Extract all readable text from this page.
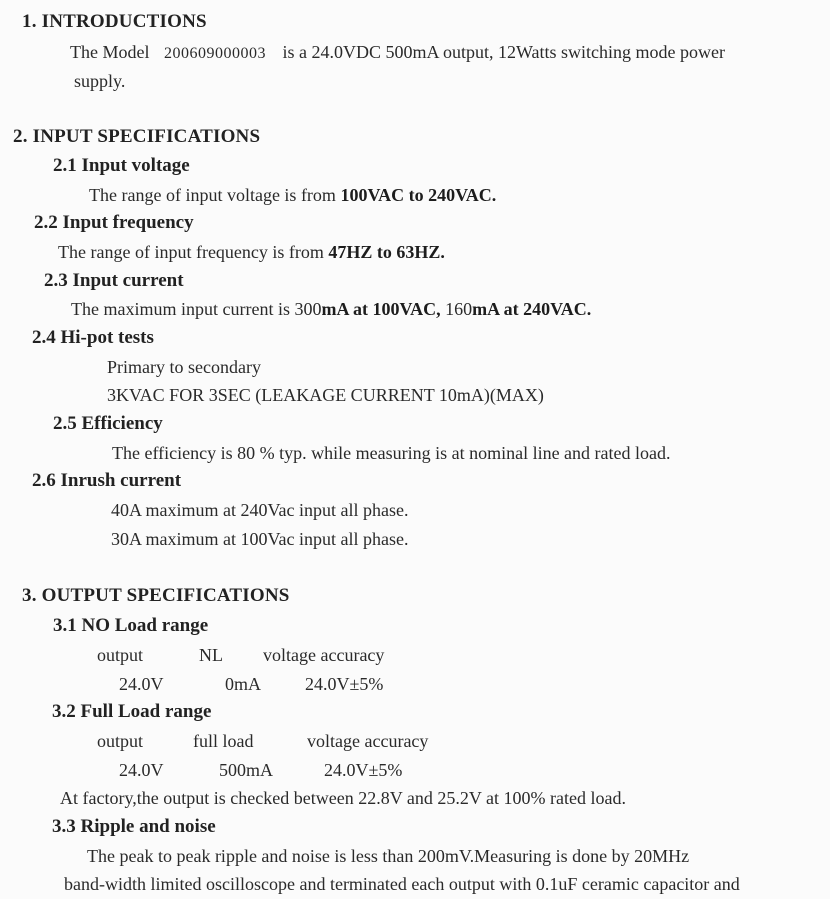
1. INTRODUCTIONS
The Model 200609000003 is a 24.0VDC 500mA output, 12Watts switching mode power
supply.
2. INPUT SPECIFICATIONS
2.1 Input voltage
The range of input voltage is from 100VAC to 240VAC.
2.2 Input frequency
The range of input frequency is from 47HZ to 63HZ.
2.3 Input current
The maximum input current is 300mA at 100VAC, 160mA at 240VAC.
2.4 Hi-pot tests
Primary to secondary
3KVAC FOR 3SEC (LEAKAGE CURRENT 10mA)(MAX)
2.5 Efficiency
The efficiency is 80 % typ. while measuring is at nominal line and rated load.
2.6 Inrush current
40A maximum at 240Vac input all phase.
30A maximum at 100Vac input all phase.
3. OUTPUT SPECIFICATIONS
3.1 NO Load range
output	NL voltage accuracy
24.0V	0mA 24.0V±5%
3.2 Full Load range
output	full load	voltage accuracy
24.0V	500mA	24.0V±5%
At factory,the output is checked between 22.8V and 25.2V at 100% rated load.
3.3 Ripple and noise
The peak to peak ripple and noise is less than 200mV.Measuring is done by 20MHz
band-width limited oscilloscope and terminated each output with 0.1uF ceramic capacitor and
